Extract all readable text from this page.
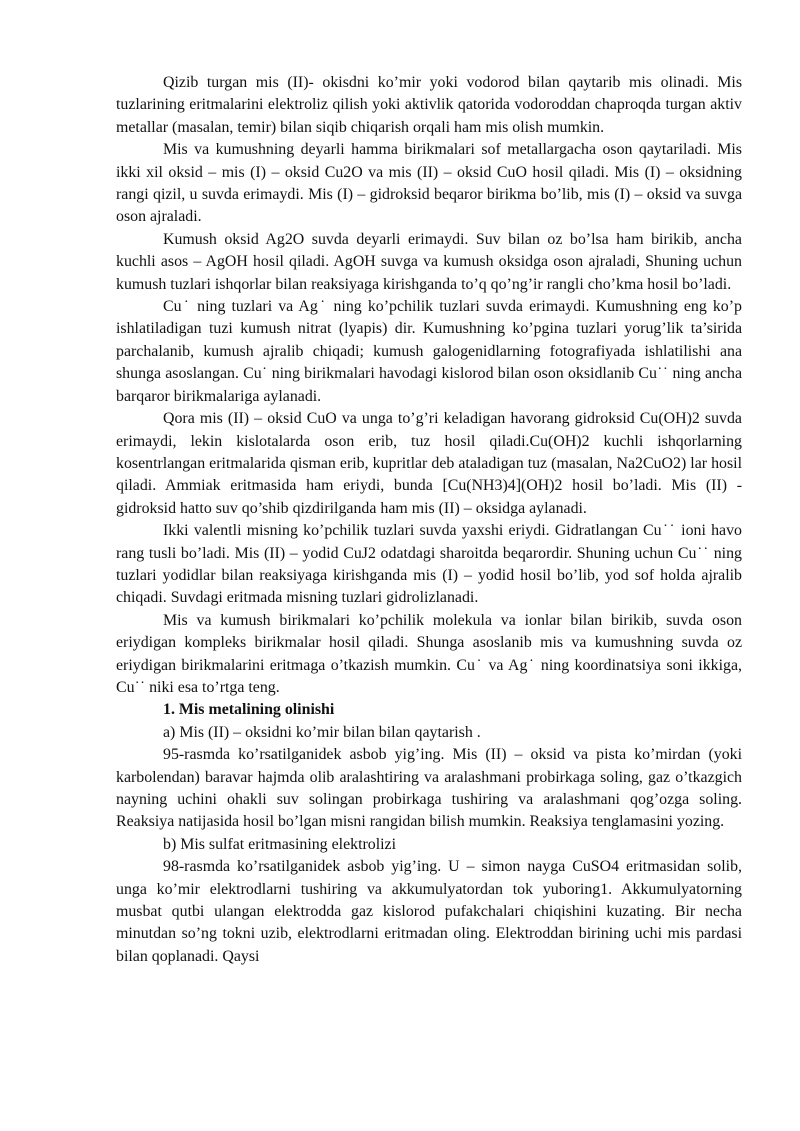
Qizib turgan mis (II)- okisdni ko’mir yoki vodorod bilan qaytarib mis olinadi. Mis tuzlarining eritmalarini elektroliz qilish yoki aktivlik qatorida vodoroddan chaproqda turgan aktiv metallar (masalan, temir) bilan siqib chiqarish orqali ham mis olish mumkin.

Mis va kumushning deyarli hamma birikmalari sof metallargacha oson qaytariladi. Mis ikki xil oksid – mis (I) – oksid Cu2O va mis (II) – oksid CuO hosil qiladi. Mis (I) – oksidning rangi qizil, u suvda erimaydi. Mis (I) – gidroksid beqaror birikma bo’lib, mis (I) – oksid va suvga oson ajraladi.

Kumush oksid Ag2O suvda deyarli erimaydi. Suv bilan oz bo’lsa ham birikib, ancha kuchli asos – AgOH hosil qiladi. AgOH suvga va kumush oksidga oson ajraladi, Shuning uchun kumush tuzlari ishqorlar bilan reaksiyaga kirishganda to’q qo’ng’ir rangli cho’kma hosil bo’ladi.

Cu˙ ning tuzlari va Ag˙ ning ko’pchilik tuzlari suvda erimaydi. Kumushning eng ko’p ishlatiladigan tuzi kumush nitrat (lyapis) dir. Kumushning ko’pgina tuzlari yorug’lik ta’sirida parchalanib, kumush ajralib chiqadi; kumush galogenidlarning fotografiyada ishlatilishi ana shunga asoslangan. Cu˙ ning birikmalari havodagi kislorod bilan oson oksidlanib Cu˙˙ ning ancha barqaror birikmalariga aylanadi.

Qora mis (II) – oksid CuO va unga to’g’ri keladigan havorang gidroksid Cu(OH)2 suvda erimaydi, lekin kislotalarda oson erib, tuz hosil qiladi.Cu(OH)2 kuchli ishqorlarning kosentrlangan eritmalarida qisman erib, kupritlar deb ataladigan tuz (masalan, Na2CuO2) lar hosil qiladi. Ammiak eritmasida ham eriydi, bunda [Cu(NH3)4](OH)2 hosil bo’ladi. Mis (II) - gidroksid hatto suv qo’shib qizdirilganda ham mis (II) – oksidga aylanadi.

Ikki valentli misning ko’pchilik tuzlari suvda yaxshi eriydi. Gidratlangan Cu˙˙ ioni havo rang tusli bo’ladi. Mis (II) – yodid CuJ2 odatdagi sharoitda beqarordir. Shuning uchun Cu˙˙ ning tuzlari yodidlar bilan reaksiyaga kirishganda mis (I) – yodid hosil bo’lib, yod sof holda ajralib chiqadi. Suvdagi eritmada misning tuzlari gidrolizlanadi.

Mis va kumush birikmalari ko’pchilik molekula va ionlar bilan birikib, suvda oson eriydigan kompleks birikmalar hosil qiladi. Shunga asoslanib mis va kumushning suvda oz eriydigan birikmalarini eritmaga o’tkazish mumkin. Cu˙ va Ag˙ ning koordinatsiya soni ikkiga, Cu˙˙ niki esa to’rtga teng.

1. Mis metalining olinishi

a) Mis (II) – oksidni ko’mir bilan bilan qaytarish .

95-rasmda ko’rsatilganidek asbob yig’ing. Mis (II) – oksid va pista ko’mirdan (yoki karbolendan) baravar hajmda olib aralashtiring va aralashmani probirkaga soling, gaz o’tkazgich nayning uchini ohakli suv solingan probirkaga tushiring va aralashmani qog’ozga soling. Reaksiya natijasida hosil bo’lgan misni rangidan bilish mumkin. Reaksiya tenglamasini yozing.

b) Mis sulfat eritmasining elektrolizi

98-rasmda ko’rsatilganidek asbob yig’ing. U – simon nayga CuSO4 eritmasidan solib, unga ko’mir elektrodlarni tushiring va akkumulyatordan tok yuboring1. Akkumulyatorning musbat qutbi ulangan elektrodda gaz kislorod pufakchalari chiqishini kuzating. Bir necha minutdan so’ng tokni uzib, elektrodlarni eritmadan oling. Elektroddan birining uchi mis pardasi bilan qoplanadi. Qaysi
